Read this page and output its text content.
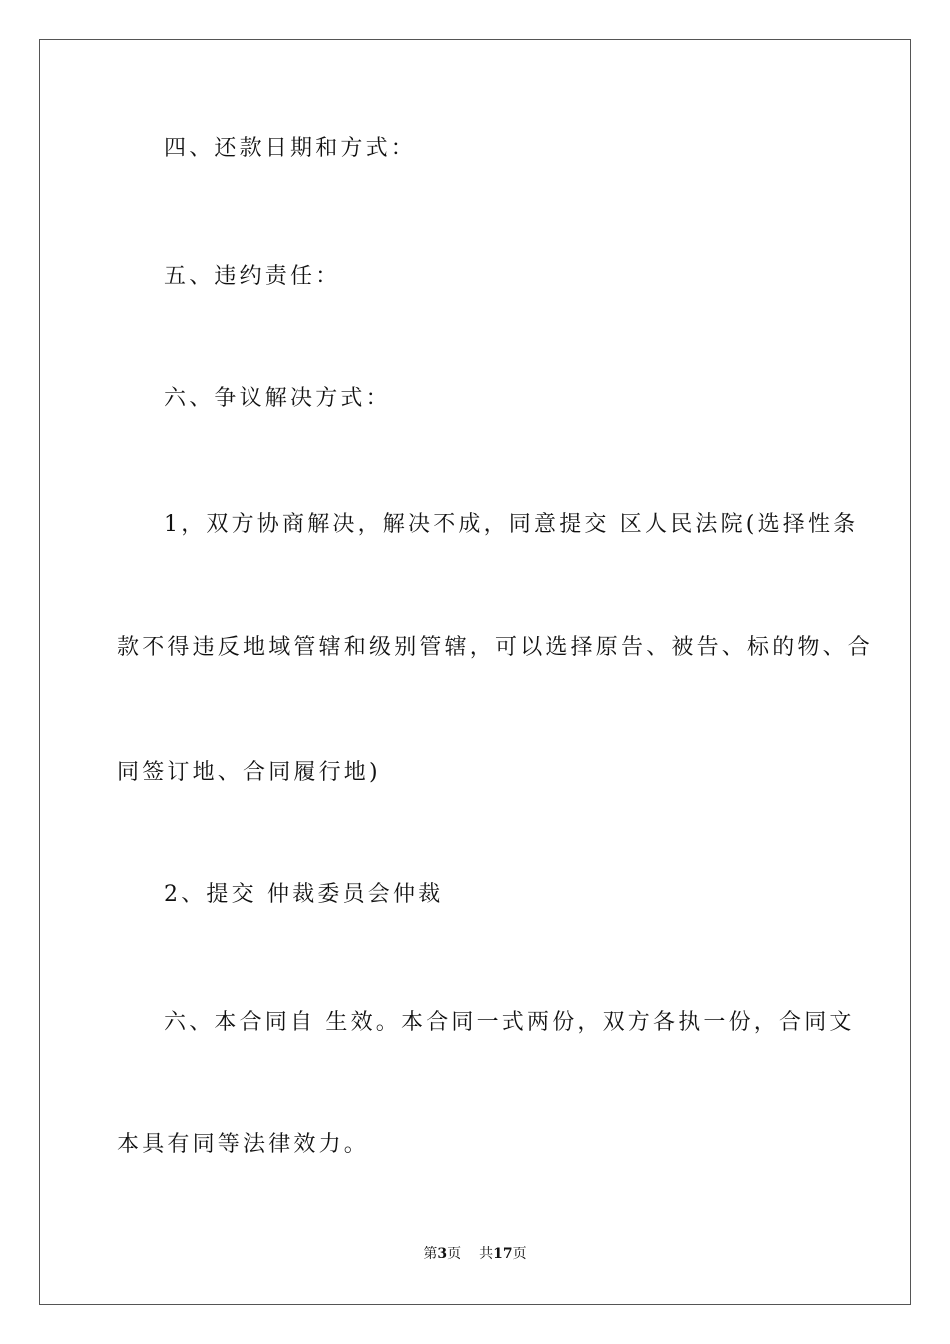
四、还款日期和方式：
五、违约责任：
六、争议解决方式：
1，双方协商解决，解决不成，同意提交 区人民法院(选择性条
款不得违反地域管辖和级别管辖，可以选择原告、被告、标的物、合
同签订地、合同履行地)
2、提交 仲裁委员会仲裁
六、本合同自 生效。本合同一式两份，双方各执一份，合同文
本具有同等法律效力。
第3页 共17页
